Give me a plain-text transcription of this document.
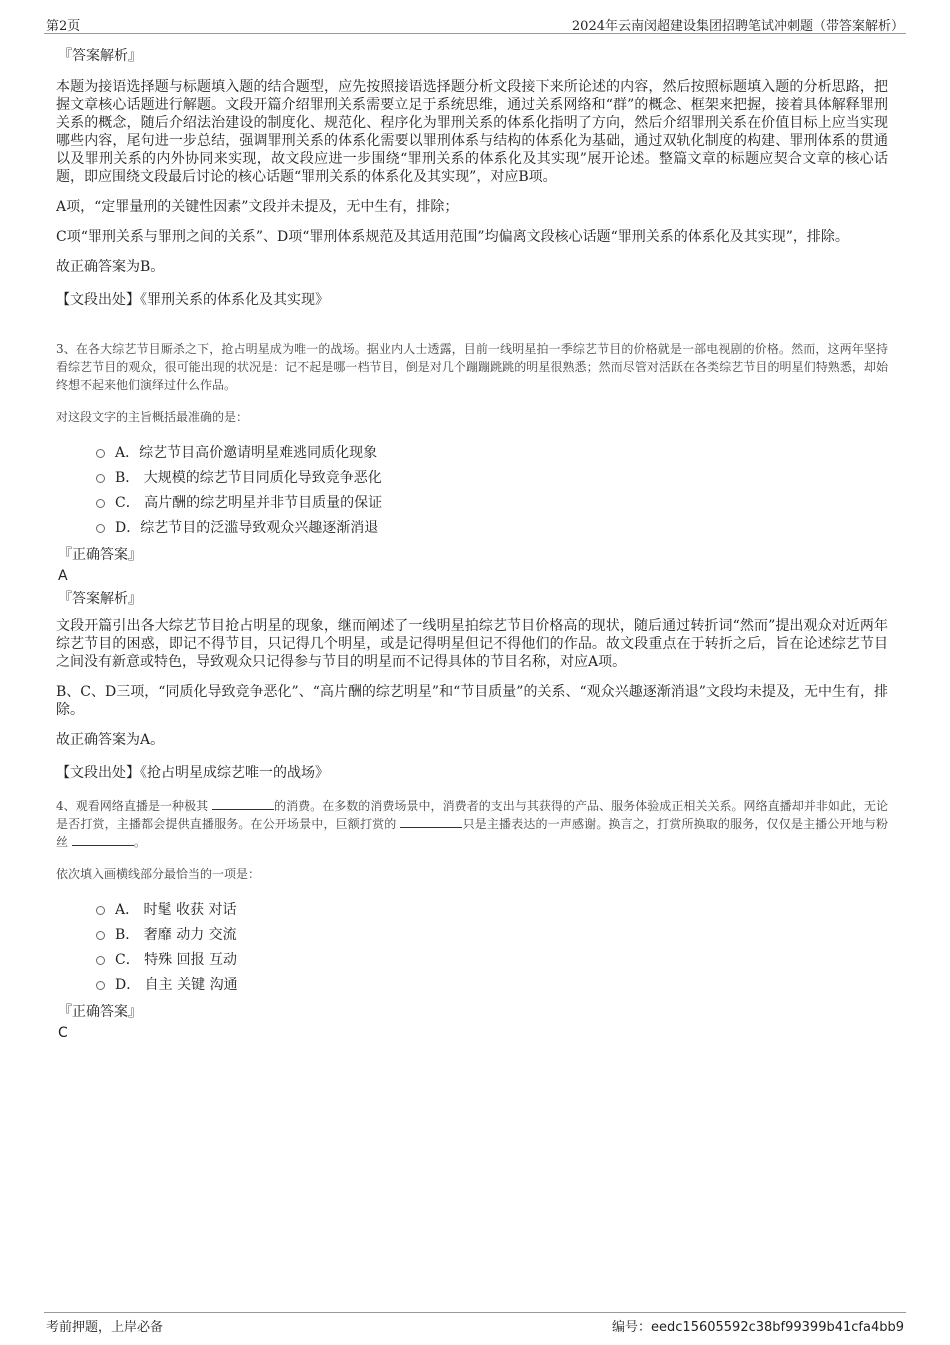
第2页	2024年云南闵超建设集团招聘笔试冲刺题（带答案解析）
『答案解析』

本题为接语选择题与标题填入题的结合题型，应先按照接语选择题分析文段接下来所论述的内容，然后按照标题填入题的分析思路，把握文章核心话题进行解题。文段开篇介绍罪刑关系需要立足于系统思维，通过关系网络和“群”的概念、框架来把握，接着具体解释罪刑关系的概念，随后介绍法治建设的制度化、规范化、程序化为罪刑关系的体系化指明了方向，然后介绍罪刑关系在价值目标上应当实现哪些内容，尾句进一步总结，强调罪刑关系的体系化需要以罪刑体系与结构的体系化为基础，通过双轨化制度的构建、罪刑体系的贯通以及罪刑关系的内外协同来实现，故文段应进一步围绕“罪刑关系的体系化及其实现”展开论述。整篇文章的标题应契合文章的核心话题，即应围绕文段最后讨论的核心话题“罪刑关系的体系化及其实现”，对应B项。

A项，“定罪量刑的关键性因素”文段并未提及，无中生有，排除；

C项“罪刑关系与罪刑之间的关系”、D项“罪刑体系规范及其适用范围”均偏离文段核心话题“罪刑关系的体系化及其实现”，排除。

故正确答案为B。

【文段出处】《罪刑关系的体系化及其实现》
3、在各大综艺节目厮杀之下，抢占明星成为唯一的战场。据业内人士透露，目前一线明星拍一季综艺节目的价格就是一部电视剧的价格。然而，这两年坚持看综艺节目的观众，很可能出现的状况是：记不起是哪一档节目，倒是对几个蹦蹦跳跳的明星很熟悉；然而尽管对活跃在各类综艺节目的明星们特熟悉，却始终想不起来他们演绎过什么作品。
对这段文字的主旨概括最准确的是：
A．综艺节目高价邀请明星难逃同质化现象
B． 大规模的综艺节目同质化导致竞争恶化
C． 高片酬的综艺明星并非节目质量的保证
D．综艺节目的泛滥导致观众兴趣逐渐消退
『正确答案』
A
『答案解析』

文段开篇引出各大综艺节目抢占明星的现象，继而阐述了一线明星拍综艺节目价格高的现状，随后通过转折词“然而”提出观众对近两年综艺节目的困惑，即记不得节目，只记得几个明星，或是记得明星但记不得他们的作品。故文段重点在于转折之后，旨在论述综艺节目之间没有新意或特色，导致观众只记得参与节目的明星而不记得具体的节目名称，对应A项。

B、C、D三项，“同质化导致竞争恶化”、“高片酬的综艺明星”和“节目质量”的关系、“观众兴趣逐渐消退”文段均未提及，无中生有，排除。

故正确答案为A。

【文段出处】《抢占明星成综艺唯一的战场》
4、观看网络直播是一种极其	的消费。在多数的消费场景中，消费者的支出与其获得的产品、服务体验成正相关关系。网络直播却并非如此，无论是否打赏，主播都会提供直播服务。在公开场景中，巨额打赏的	只是主播表达的一声感谢。换言之，打赏所换取的服务，仅仅是主播公开地与粉丝	。
依次填入画横线部分最恰当的一项是：
A． 时髦 收获 对话
B． 奢靡 动力 交流
C． 特殊 回报 互动
D． 自主 关键 沟通
『正确答案』
C
考前押题，上岸必备	编号：eedc15605592c38bf99399b41cfa4bb9
